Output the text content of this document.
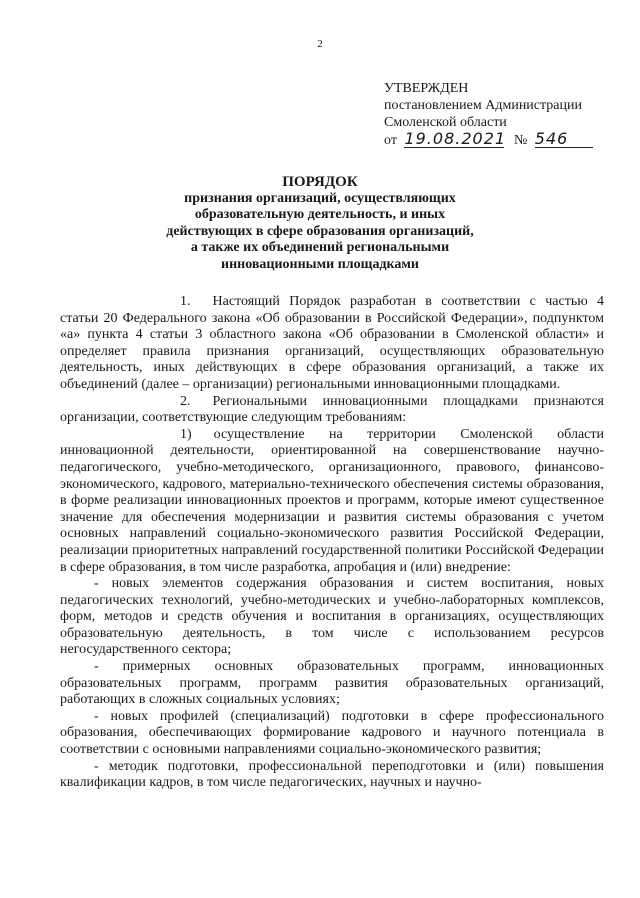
2
УТВЕРЖДЕН
постановлением Администрации
Смоленской области
от 19.08.2021 № 546
ПОРЯДОК
признания организаций, осуществляющих
образовательную деятельность, и иных
действующих в сфере образования организаций,
а также их объединений региональными
инновационными площадками

1. Настоящий Порядок разработан в соответствии с частью 4 статьи 20 Федерального закона «Об образовании в Российской Федерации», подпунктом «а» пункта 4 статьи 3 областного закона «Об образовании в Смоленской области» и определяет правила признания организаций, осуществляющих образовательную деятельность, иных действующих в сфере образования организаций, а также их объединений (далее – организации) региональными инновационными площадками.

2. Региональными инновационными площадками признаются организации, соответствующие следующим требованиям:

1) осуществление на территории Смоленской области инновационной деятельности, ориентированной на совершенствование научно-педагогического, учебно-методического, организационного, правового, финансово-экономического, кадрового, материально-технического обеспечения системы образования, в форме реализации инновационных проектов и программ, которые имеют существенное значение для обеспечения модернизации и развития системы образования с учетом основных направлений социально-экономического развития Российской Федерации, реализации приоритетных направлений государственной политики Российской Федерации в сфере образования, в том числе разработка, апробация и (или) внедрение:

- новых элементов содержания образования и систем воспитания, новых педагогических технологий, учебно-методических и учебно-лабораторных комплексов, форм, методов и средств обучения и воспитания в организациях, осуществляющих образовательную деятельность, в том числе с использованием ресурсов негосударственного сектора;

- примерных основных образовательных программ, инновационных образовательных программ, программ развития образовательных организаций, работающих в сложных социальных условиях;

- новых профилей (специализаций) подготовки в сфере профессионального образования, обеспечивающих формирование кадрового и научного потенциала в соответствии с основными направлениями социально-экономического развития;

- методик подготовки, профессиональной переподготовки и (или) повышения квалификации кадров, в том числе педагогических, научных и научно-
